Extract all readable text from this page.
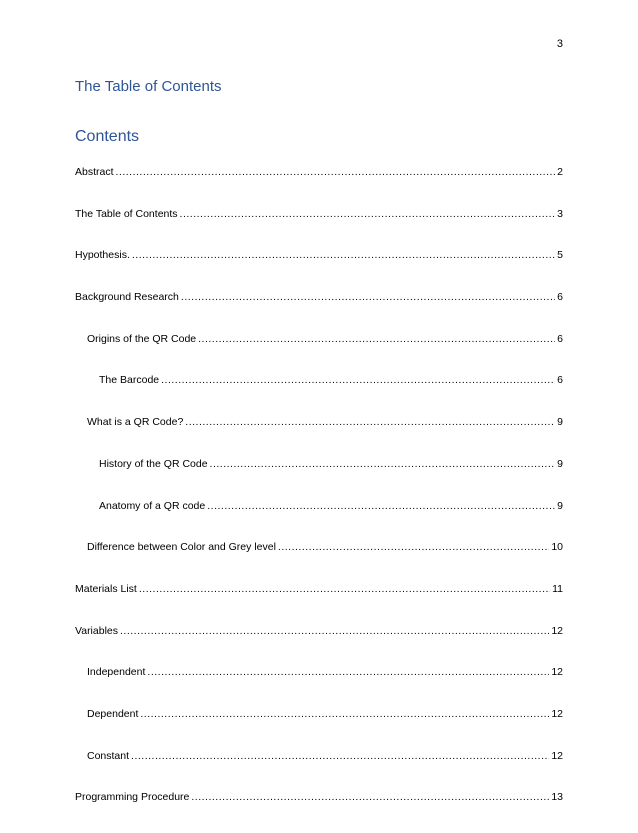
3
The Table of Contents
Contents
Abstract .....	2
The Table of Contents .....	3
Hypothesis. .....	5
Background Research .....	6
Origins of the QR Code .....	6
The Barcode .....	6
What is a QR Code? .....	9
History of the QR Code .....	9
Anatomy of a QR code .....	9
Difference between Color and Grey level .....	10
Materials List .....	11
Variables .....	12
Independent .....	12
Dependent .....	12
Constant .....	12
Programming Procedure .....	13
